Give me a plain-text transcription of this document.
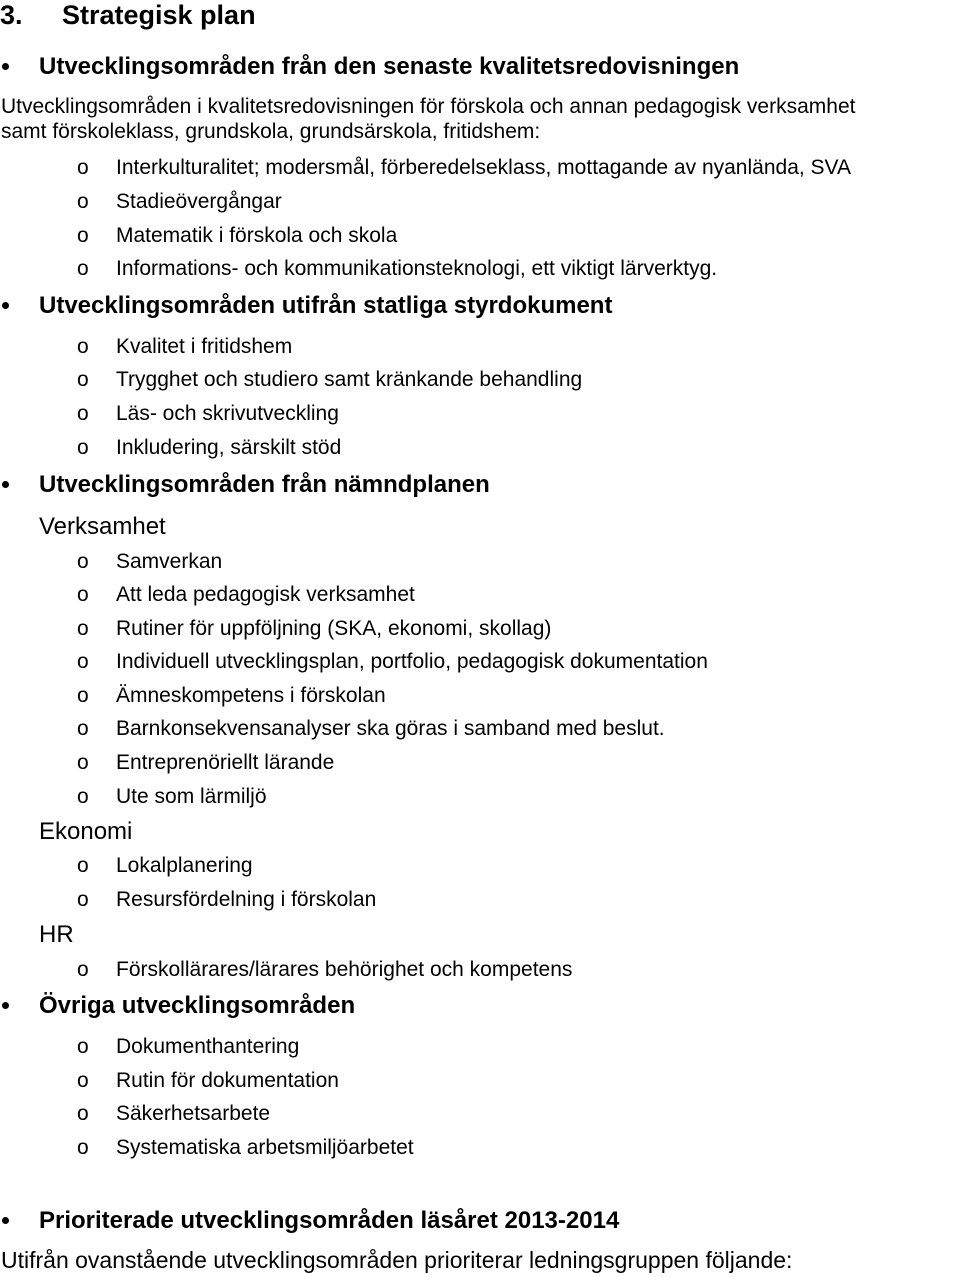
3. Strategisk plan
Utvecklingsområden från den senaste kvalitetsredovisningen
Utvecklingsområden i kvalitetsredovisningen för förskola och annan pedagogisk verksamhet
samt förskoleklass, grundskola, grundsärskola, fritidshem:
o Interkulturalitet; modersmål, förberedelseklass, mottagande av nyanlända, SVA
o Stadieövergångar
o Matematik i förskola och skola
o Informations- och kommunikationsteknologi, ett viktigt lärverktyg.
Utvecklingsområden utifrån statliga styrdokument
o Kvalitet i fritidshem
o Trygghet och studiero samt kränkande behandling
o Läs- och skrivutveckling
o Inkludering, särskilt stöd
Utvecklingsområden från nämndplanen
Verksamhet
o Samverkan
o Att leda pedagogisk verksamhet
o Rutiner för uppföljning (SKA, ekonomi, skollag)
o Individuell utvecklingsplan, portfolio, pedagogisk dokumentation
o Ämneskompetens i förskolan
o Barnkonsekvensanalyser ska göras i samband med beslut.
o Entreprenöriellt lärande
o Ute som lärmiljö
Ekonomi
o Lokalplanering
o Resursfördelning i förskolan
HR
o Förskollärares/lärares behörighet och kompetens
Övriga utvecklingsområden
o Dokumenthantering
o Rutin för dokumentation
o Säkerhetsarbete
o Systematiska arbetsmiljöarbetet
Prioriterade utvecklingsområden läsåret 2013-2014
Utifrån ovanstående utvecklingsområden prioriterar ledningsgruppen följande:
